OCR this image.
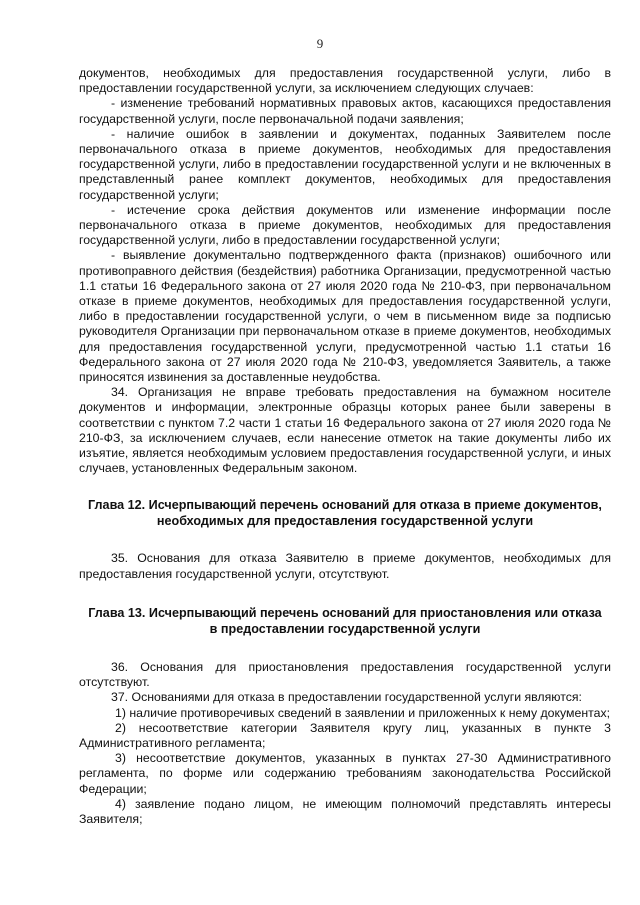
9

документов, необходимых для предоставления государственной услуги, либо в предоставлении государственной услуги, за исключением следующих случаев:

- изменение требований нормативных правовых актов, касающихся предоставления государственной услуги, после первоначальной подачи заявления;

- наличие ошибок в заявлении и документах, поданных Заявителем после первоначального отказа в приеме документов, необходимых для предоставления государственной услуги, либо в предоставлении государственной услуги и не включенных в представленный ранее комплект документов, необходимых для предоставления государственной услуги;

- истечение срока действия документов или изменение информации после первоначального отказа в приеме документов, необходимых для предоставления государственной услуги, либо в предоставлении государственной услуги;

- выявление документально подтвержденного факта (признаков) ошибочного или противоправного действия (бездействия) работника Организации, предусмотренной частью 1.1 статьи 16 Федерального закона от 27 июля 2020 года № 210-ФЗ, при первоначальном отказе в приеме документов, необходимых для предоставления государственной услуги, либо в предоставлении государственной услуги, о чем в письменном виде за подписью руководителя Организации при первоначальном отказе в приеме документов, необходимых для предоставления государственной услуги, предусмотренной частью 1.1 статьи 16 Федерального закона от 27 июля 2020 года № 210-ФЗ, уведомляется Заявитель, а также приносятся извинения за доставленные неудобства.

34. Организация не вправе требовать предоставления на бумажном носителе документов и информации, электронные образцы которых ранее были заверены в соответствии с пунктом 7.2 части 1 статьи 16 Федерального закона от 27 июля 2020 года № 210-ФЗ, за исключением случаев, если нанесение отметок на такие документы либо их изъятие, является необходимым условием предоставления государственной услуги, и иных случаев, установленных Федеральным законом.

Глава 12. Исчерпывающий перечень оснований для отказа в приеме документов,
необходимых для предоставления государственной услуги

35. Основания для отказа Заявителю в приеме документов, необходимых для предоставления государственной услуги, отсутствуют.

Глава 13. Исчерпывающий перечень оснований для приостановления или отказа
в предоставлении государственной услуги

36. Основания для приостановления предоставления государственной услуги отсутствуют.

37. Основаниями для отказа в предоставлении государственной услуги являются:

1) наличие противоречивых сведений в заявлении и приложенных к нему документах;

2) несоответствие категории Заявителя кругу лиц, указанных в пункте 3 Административного регламента;

3) несоответствие документов, указанных в пунктах 27-30 Административного регламента, по форме или содержанию требованиям законодательства Российской Федерации;

4) заявление подано лицом, не имеющим полномочий представлять интересы Заявителя;
